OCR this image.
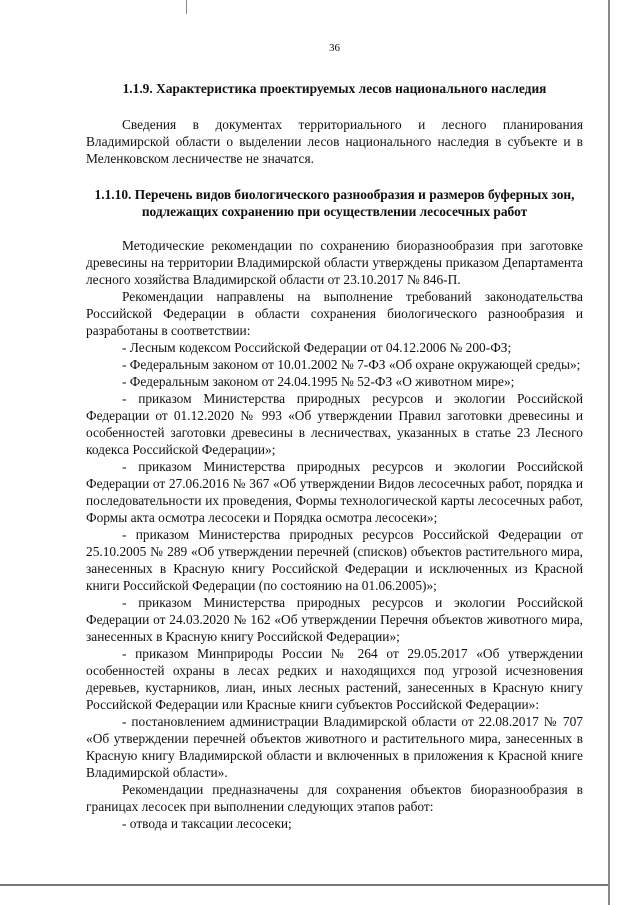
36
1.1.9. Характеристика проектируемых лесов национального наследия

Сведения в документах территориального и лесного планирования Владимирской области о выделении лесов национального наследия в субъекте и в Меленковском лесничестве не значатся.

1.1.10. Перечень видов биологического разнообразия и размеров буферных зон, подлежащих сохранению при осуществлении лесосечных работ

Методические рекомендации по сохранению биоразнообразия при заготовке древесины на территории Владимирской области утверждены приказом Департамента лесного хозяйства Владимирской области от 23.10.2017 № 846-П.

Рекомендации направлены на выполнение требований законодательства Российской Федерации в области сохранения биологического разнообразия и разработаны в соответствии:

- Лесным кодексом Российской Федерации от 04.12.2006 № 200-ФЗ;

- Федеральным законом от 10.01.2002 № 7-ФЗ «Об охране окружающей среды»;

- Федеральным законом от 24.04.1995 № 52-ФЗ «О животном мире»;

- приказом Министерства природных ресурсов и экологии Российской Федерации от 01.12.2020 № 993 «Об утверждении Правил заготовки древесины и особенностей заготовки древесины в лесничествах, указанных в статье 23 Лесного кодекса Российской Федерации»;

- приказом Министерства природных ресурсов и экологии Российской Федерации от 27.06.2016 № 367 «Об утверждении Видов лесосечных работ, порядка и последовательности их проведения, Формы технологической карты лесосечных работ, Формы акта осмотра лесосеки и Порядка осмотра лесосеки»;

- приказом Министерства природных ресурсов Российской Федерации от 25.10.2005 № 289 «Об утверждении перечней (списков) объектов растительного мира, занесенных в Красную книгу Российской Федерации и исключенных из Красной книги Российской Федерации (по состоянию на 01.06.2005)»;

- приказом Министерства природных ресурсов и экологии Российской Федерации от 24.03.2020 № 162 «Об утверждении Перечня объектов животного мира, занесенных в Красную книгу Российской Федерации»;

- приказом Минприроды России № 264 от 29.05.2017 «Об утверждении особенностей охраны в лесах редких и находящихся под угрозой исчезновения деревьев, кустарников, лиан, иных лесных растений, занесенных в Красную книгу Российской Федерации или Красные книги субъектов Российской Федерации»:

- постановлением администрации Владимирской области от 22.08.2017 № 707 «Об утверждении перечней объектов животного и растительного мира, занесенных в Красную книгу Владимирской области и включенных в приложения к Красной книге Владимирской области».

Рекомендации предназначены для сохранения объектов биоразнообразия в границах лесосек при выполнении следующих этапов работ:

- отвода и таксации лесосеки;
